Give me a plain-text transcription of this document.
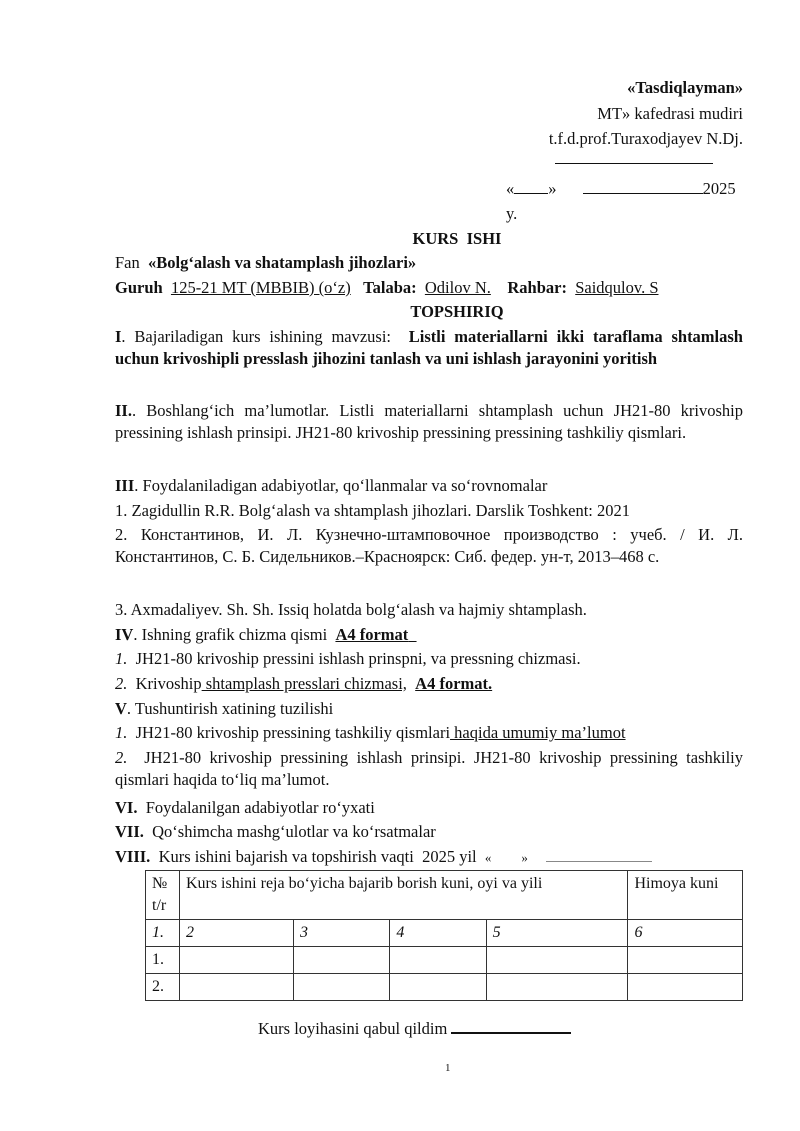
«Tasdiqlayman»
MT» kafedrasi mudiri
t.f.d.prof.Turaxodjayev N.Dj.
« »	2025
y.
KURS  ISHI
Fan «Bolg‘alash va shatamplash jihozlari»
Guruh 125-21 MT (MBBIB) (o‘z) Talaba: Odilov N. Rahbar: Saidqulov. S
TOPSHIRIQ
I. Bajariladigan kurs ishining mavzusi: Listli materiallarni ikki taraflama shtamlash uchun krivoshipli presslash jihozini tanlash va uni ishlash jarayonini yoritish
II.. Boshlang‘ich ma’lumotlar. Listli materiallarni shtamplash uchun JH21-80 krivoship pressining ishlash prinsipi. JH21-80 krivoship pressining pressining tashkiliy qismlari.
III. Foydalaniladigan adabiyotlar, qo‘llanmalar va so‘rovnomalar
1. Zagidullin R.R. Bolg‘alash va shtamplash jihozlari. Darslik Toshkent: 2021
2. Константинов, И. Л. Кузнечно-штамповочное производство : учеб. / И. Л. Константинов, С. Б. Сидельников.–Красноярск: Сиб. федер. ун-т, 2013–468 с.
3. Axmadaliyev. Sh. Sh. Issiq holatda bolg‘alash va hajmiy shtamplash.
IV. Ishning grafik chizma qismi A4 format
1. JH21-80 krivoship pressini ishlash prinspni, va pressning chizmasi.
2. Krivoship shtamplash presslari chizmasi, A4 format.
V. Tushuntirish xatining tuzilishi
1. JH21-80 krivoship pressining tashkiliy qismlari haqida umumiy ma’lumot
2. JH21-80 krivoship pressining ishlash prinsipi. JH21-80 krivoship pressining tashkiliy qismlari haqida to‘liq ma’lumot.
VI. Foydalanilgan adabiyotlar ro‘yxati
VII. Qo‘shimcha mashg‘ulotlar va ko‘rsatmalar
VIII. Kurs ishini bajarish va topshirish vaqti 2025 yil « »
№ t/r	Kurs ishini reja bo‘yicha bajarib borish kuni, oyi va yili				Himoya kuni
1.	2	3	4	5	6
1.					
2.					
Kurs loyihasini qabul qildim
1
